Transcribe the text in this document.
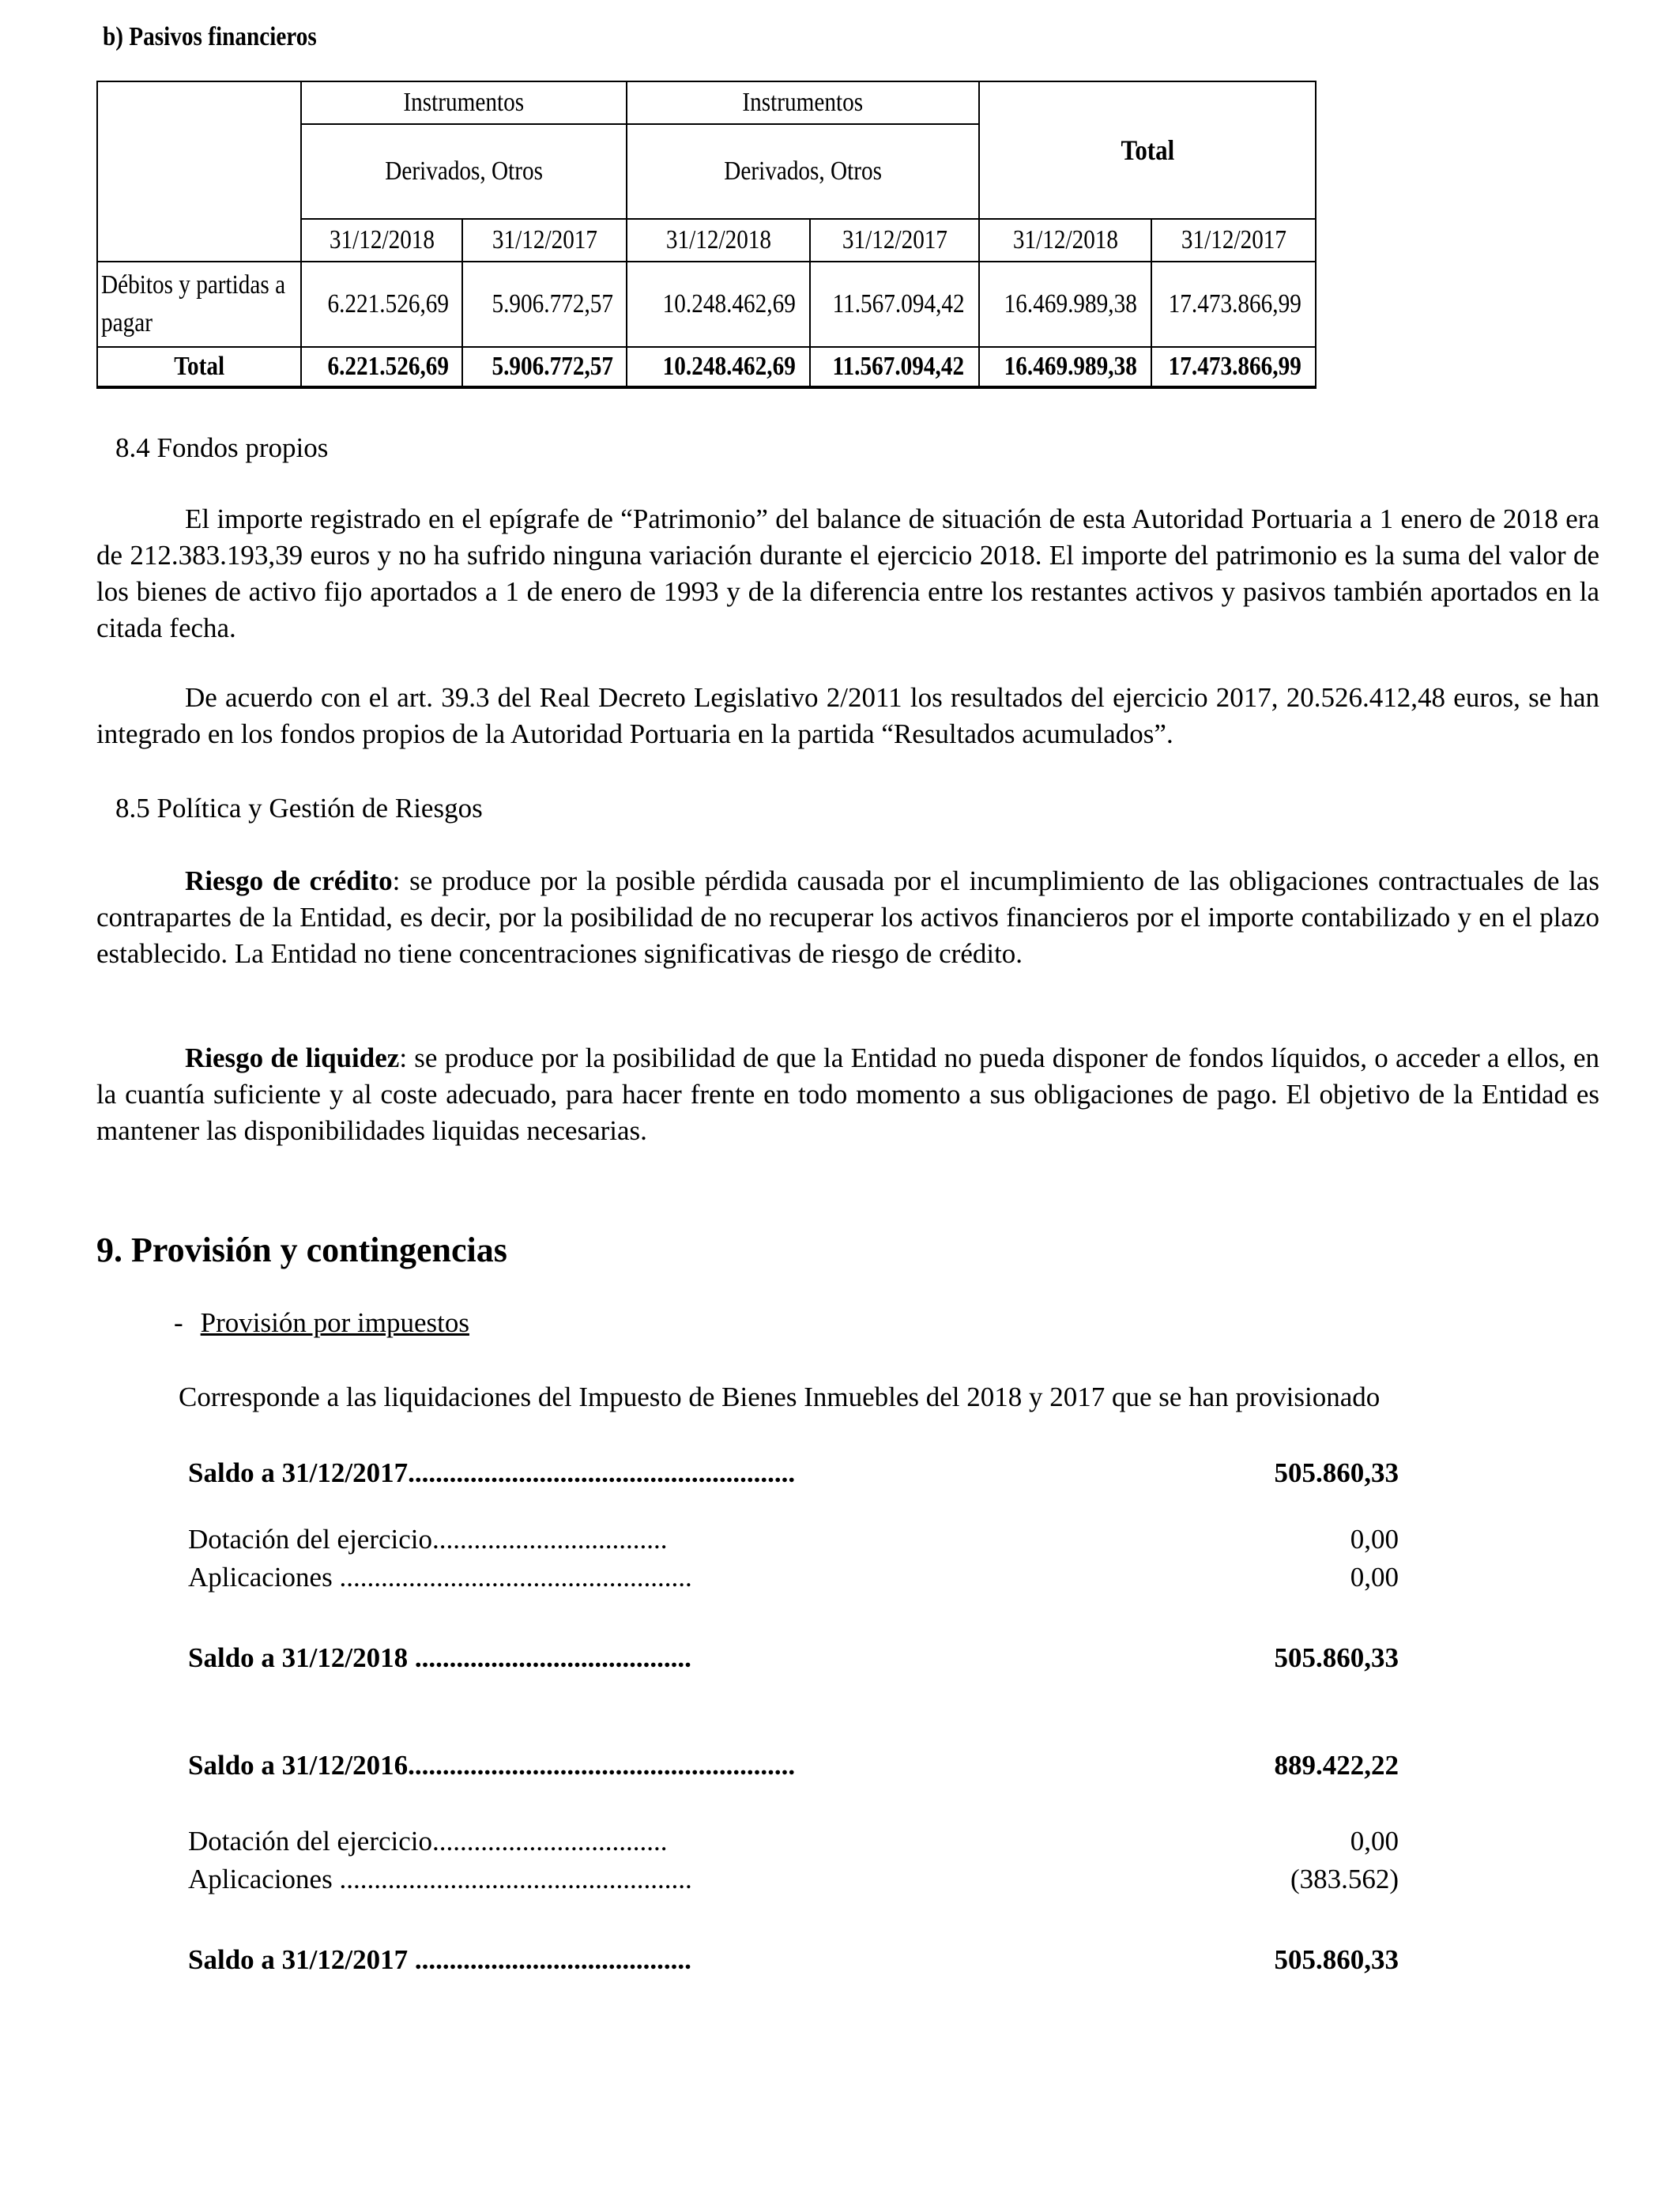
b) Pasivos financieros
	Instrumentos		Instrumentos		Total	
	Derivados, Otros		Derivados, Otros			
	31/12/2018	31/12/2017	31/12/2018	31/12/2017	31/12/2018	31/12/2017
Débitos y partidas a pagar	6.221.526,69	5.906.772,57	10.248.462,69	11.567.094,42	16.469.989,38	17.473.866,99
Total	6.221.526,69	5.906.772,57	10.248.462,69	11.567.094,42	16.469.989,38	17.473.866,99
8.4 Fondos propios
El importe registrado en el epígrafe de “Patrimonio” del balance de situación de esta Autoridad Portuaria a 1 enero de 2018 era de 212.383.193,39 euros y no ha sufrido ninguna variación durante el ejercicio 2018. El importe del patrimonio es la suma del valor de los bienes de activo fijo aportados a 1 de enero de 1993 y de la diferencia entre los restantes activos y pasivos también aportados en la citada fecha.
De acuerdo con el art. 39.3 del Real Decreto Legislativo 2/2011 los resultados del ejercicio 2017, 20.526.412,48 euros, se han integrado en los fondos propios de la Autoridad Portuaria en la partida “Resultados acumulados”.
8.5 Política y Gestión de Riesgos
Riesgo de crédito: se produce por la posible pérdida causada por el incumplimiento de las obligaciones contractuales de las contrapartes de la Entidad, es decir, por la posibilidad de no recuperar los activos financieros por el importe contabilizado y en el plazo establecido. La Entidad no tiene concentraciones significativas de riesgo de crédito.
Riesgo de liquidez: se produce por la posibilidad de que la Entidad no pueda disponer de fondos líquidos, o acceder a ellos, en la cuantía suficiente y al coste adecuado, para hacer frente en todo momento a sus obligaciones de pago. El objetivo de la Entidad es mantener las disponibilidades liquidas necesarias.
9. Provisión y contingencias
- Provisión por impuestos
Corresponde a las liquidaciones del Impuesto de Bienes Inmuebles del 2018 y 2017 que se han provisionado
Saldo a 31/12/2017........................................................	505.860,33
Dotación del ejercicio..................................	0,00
Aplicaciones ...................................................	0,00
Saldo a 31/12/2018 ........................................	505.860,33
Saldo a 31/12/2016........................................................	889.422,22
Dotación del ejercicio..................................	0,00
Aplicaciones ...................................................	(383.562)
Saldo a 31/12/2017 ........................................	505.860,33
